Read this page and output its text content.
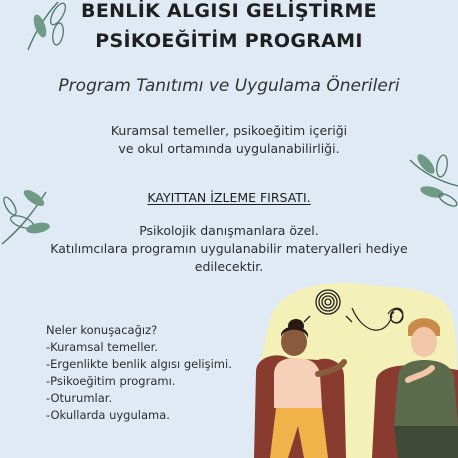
BENLİK ALGISI GELİŞTİRME
PSİKOEĞİTİM PROGRAMI
Program Tanıtımı ve Uygulama Önerileri
Kuramsal temeller, psikoeğitim içeriği
ve okul ortamında uygulanabilirliği.
KAYITTAN İZLEME FIRSATI.
Psikolojik danışmanlara özel.
Katılımcılara programın uygulanabilir materyalleri hediye
edilecektir.
Neler konuşacağız?
-Kuramsal temeller.
-Ergenlikte benlik algısı gelişimi.
-Psikoeğitim programı.
-Oturumlar.
-Okullarda uygulama.
